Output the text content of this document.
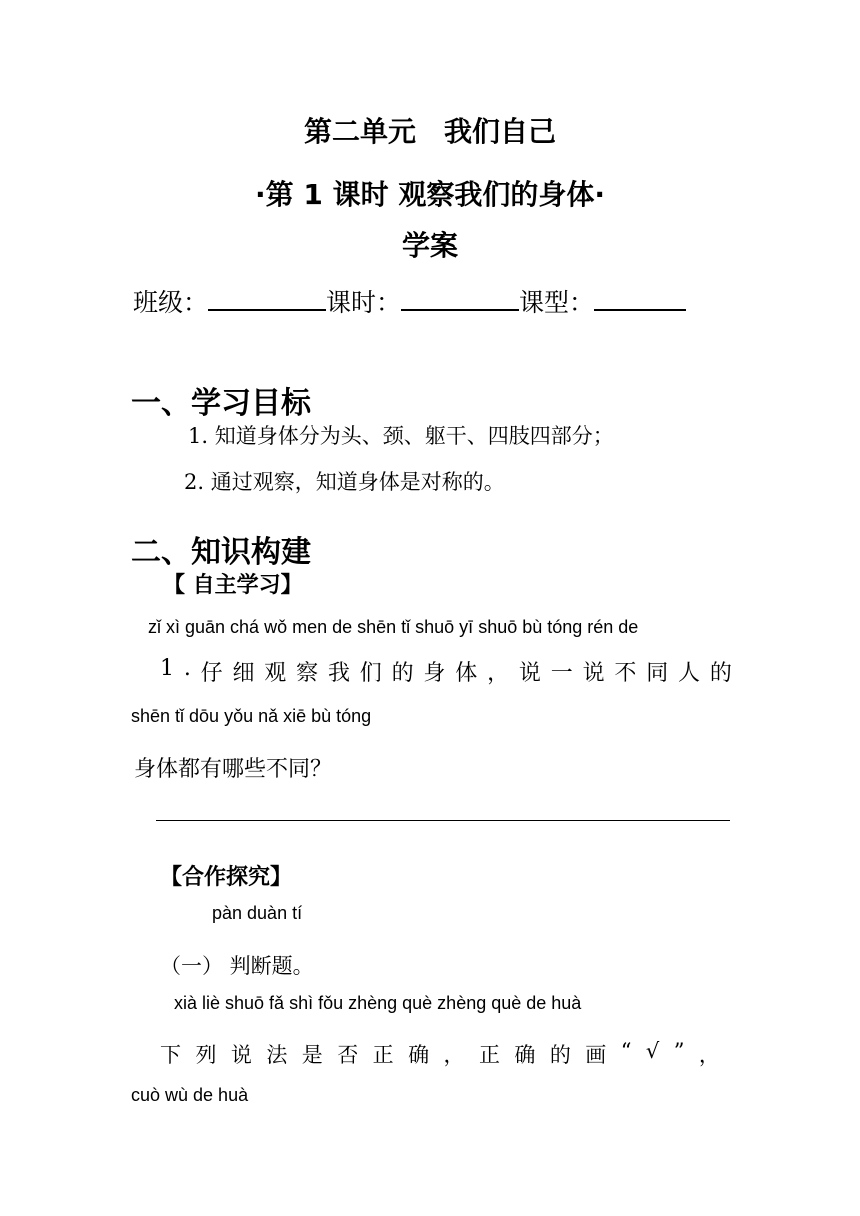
第二单元　我们自己
·第 1 课时 观察我们的身体·
学案
班级：	课时：	课型：
一、学习目标
1. 知道身体分为头、颈、躯干、四肢四部分；
2. 通过观察，知道身体是对称的。
二、知识构建
【 自主学习】
zǐ xì guān chá wǒ men de shēn tǐ shuō yī shuō bù tóng rén de
1 . 仔 细 观 察 我 们 的 身 体 ， 说 一 说 不 同 人 的
shēn tǐ dōu yǒu nǎ xiē bù tóng
身体都有哪些不同？
【合作探究】
pàn duàn tí
（一） 判断题。
xià liè shuō fǎ shì fǒu zhèng què zhèng què de huà
下 列 说 法 是 否 正 确 ， 正 确 的 画 “ √ ” ，
cuò wù de huà
